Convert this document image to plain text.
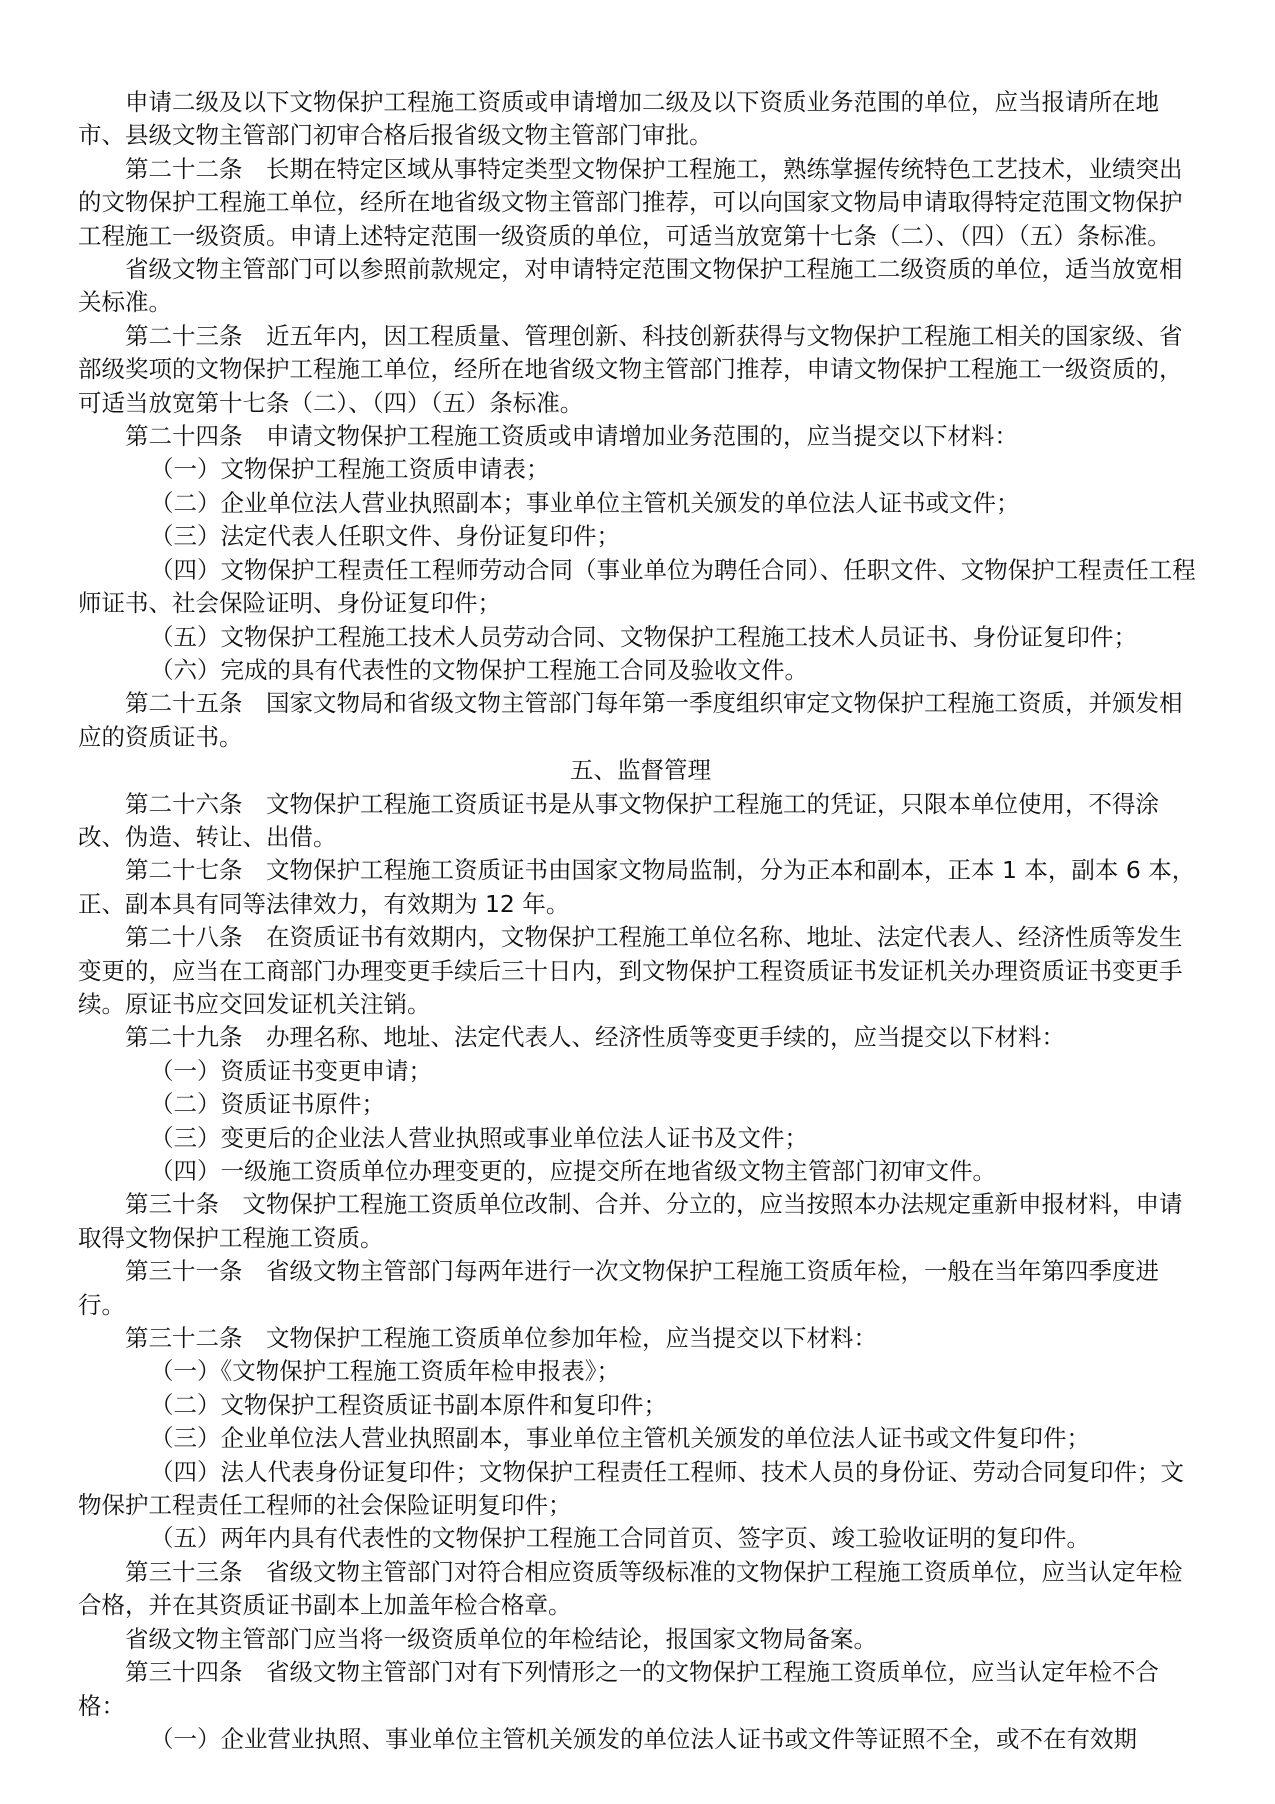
申请二级及以下文物保护工程施工资质或申请增加二级及以下资质业务范围的单位，应当报请所在地市、县级文物主管部门初审合格后报省级文物主管部门审批。

第二十二条　长期在特定区域从事特定类型文物保护工程施工，熟练掌握传统特色工艺技术，业绩突出的文物保护工程施工单位，经所在地省级文物主管部门推荐，可以向国家文物局申请取得特定范围文物保护工程施工一级资质。申请上述特定范围一级资质的单位，可适当放宽第十七条（二）、（四）（五）条标准。

省级文物主管部门可以参照前款规定，对申请特定范围文物保护工程施工二级资质的单位，适当放宽相关标准。

第二十三条　近五年内，因工程质量、管理创新、科技创新获得与文物保护工程施工相关的国家级、省部级奖项的文物保护工程施工单位，经所在地省级文物主管部门推荐，申请文物保护工程施工一级资质的，可适当放宽第十七条（二）、（四）（五）条标准。

第二十四条　申请文物保护工程施工资质或申请增加业务范围的，应当提交以下材料：

（一）文物保护工程施工资质申请表；

（二）企业单位法人营业执照副本；事业单位主管机关颁发的单位法人证书或文件；

（三）法定代表人任职文件、身份证复印件；

（四）文物保护工程责任工程师劳动合同（事业单位为聘任合同）、任职文件、文物保护工程责任工程师证书、社会保险证明、身份证复印件；

（五）文物保护工程施工技术人员劳动合同、文物保护工程施工技术人员证书、身份证复印件；

（六）完成的具有代表性的文物保护工程施工合同及验收文件。

第二十五条　国家文物局和省级文物主管部门每年第一季度组织审定文物保护工程施工资质，并颁发相应的资质证书。

五、监督管理

第二十六条　文物保护工程施工资质证书是从事文物保护工程施工的凭证，只限本单位使用，不得涂改、伪造、转让、出借。

第二十七条　文物保护工程施工资质证书由国家文物局监制，分为正本和副本，正本 1 本，副本 6 本，正、副本具有同等法律效力，有效期为 12 年。

第二十八条　在资质证书有效期内，文物保护工程施工单位名称、地址、法定代表人、经济性质等发生变更的，应当在工商部门办理变更手续后三十日内，到文物保护工程资质证书发证机关办理资质证书变更手续。原证书应交回发证机关注销。

第二十九条　办理名称、地址、法定代表人、经济性质等变更手续的，应当提交以下材料：

（一）资质证书变更申请；

（二）资质证书原件；

（三）变更后的企业法人营业执照或事业单位法人证书及文件；

（四）一级施工资质单位办理变更的，应提交所在地省级文物主管部门初审文件。

第三十条　文物保护工程施工资质单位改制、合并、分立的，应当按照本办法规定重新申报材料，申请取得文物保护工程施工资质。

第三十一条　省级文物主管部门每两年进行一次文物保护工程施工资质年检，一般在当年第四季度进行。

第三十二条　文物保护工程施工资质单位参加年检，应当提交以下材料：

（一）《文物保护工程施工资质年检申报表》；

（二）文物保护工程资质证书副本原件和复印件；

（三）企业单位法人营业执照副本，事业单位主管机关颁发的单位法人证书或文件复印件；

（四）法人代表身份证复印件；文物保护工程责任工程师、技术人员的身份证、劳动合同复印件；文物保护工程责任工程师的社会保险证明复印件；

（五）两年内具有代表性的文物保护工程施工合同首页、签字页、竣工验收证明的复印件。

第三十三条　省级文物主管部门对符合相应资质等级标准的文物保护工程施工资质单位，应当认定年检合格，并在其资质证书副本上加盖年检合格章。

省级文物主管部门应当将一级资质单位的年检结论，报国家文物局备案。

第三十四条　省级文物主管部门对有下列情形之一的文物保护工程施工资质单位，应当认定年检不合格：

（一）企业营业执照、事业单位主管机关颁发的单位法人证书或文件等证照不全，或不在有效期
